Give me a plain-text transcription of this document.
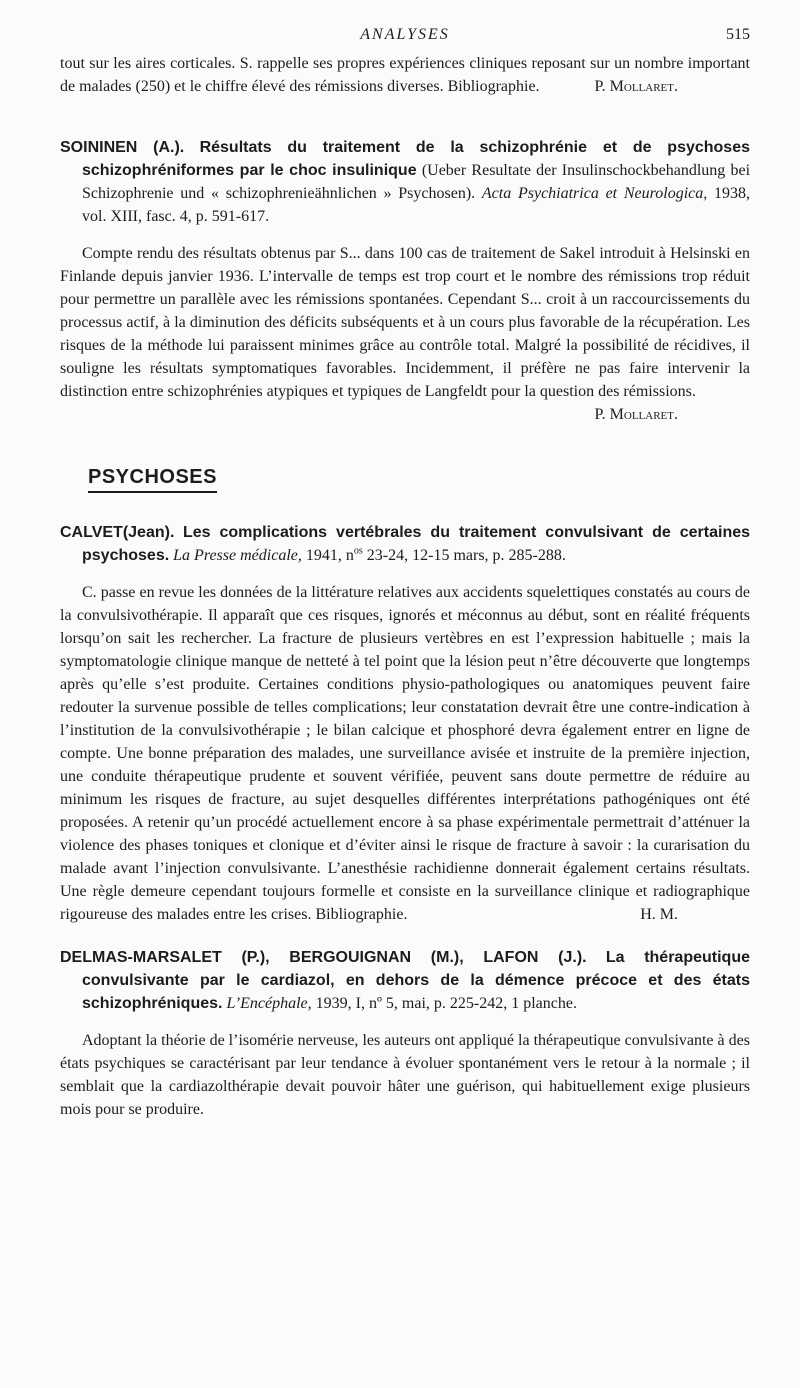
ANALYSES	515

tout sur les aires corticales. S. rappelle ses propres expériences cliniques reposant sur un nombre important de malades (250) et le chiffre élevé des rémissions diverses. Bibliographie.	P. Mollaret.

SOININEN (A.). Résultats du traitement de la schizophrénie et de psychoses schizophréniformes par le choc insulinique (Ueber Resultate der Insulinschockbehandlung bei Schizophrenie und « schizophrenieähnlichen » Psychosen). Acta Psychiatrica et Neurologica, 1938, vol. XIII, fasc. 4, p. 591-617.

Compte rendu des résultats obtenus par S... dans 100 cas de traitement de Sakel introduit à Helsinski en Finlande depuis janvier 1936. L’intervalle de temps est trop court et le nombre des rémissions trop réduit pour permettre un parallèle avec les rémissions spontanées. Cependant S... croit à un raccourcissements du processus actif, à la diminution des déficits subséquents et à un cours plus favorable de la récupération. Les risques de la méthode lui paraissent minimes grâce au contrôle total. Malgré la possibilité de récidives, il souligne les résultats symptomatiques favorables. Incidemment, il préfère ne pas faire intervenir la distinction entre schizophrénies atypiques et typiques de Langfeldt pour la question des rémissions.

P. Mollaret.

PSYCHOSES
CALVET(Jean). Les complications vertébrales du traitement convulsivant de certaines psychoses. La Presse médicale, 1941, $n^{os}$ 23-24, 12-15 mars, p. 285-288.

C. passe en revue les données de la littérature relatives aux accidents squelettiques constatés au cours de la convulsivothérapie. Il apparaît que ces risques, ignorés et méconnus au début, sont en réalité fréquents lorsqu’on sait les rechercher. La fracture de plusieurs vertèbres en est l’expression habituelle ; mais la symptomatologie clinique manque de netteté à tel point que la lésion peut n’être découverte que longtemps après qu’elle s’est produite. Certaines conditions physio-pathologiques ou anatomiques peuvent faire redouter la survenue possible de telles complications; leur constatation devrait être une contre-indication à l’institution de la convulsivothérapie ; le bilan calcique et phosphoré devra également entrer en ligne de compte. Une bonne préparation des malades, une surveillance avisée et instruite de la première injection, une conduite thérapeutique prudente et souvent vérifiée, peuvent sans doute permettre de réduire au minimum les risques de fracture, au sujet desquelles différentes interprétations pathogéniques ont été proposées. A retenir qu’un procédé actuellement encore à sa phase expérimentale permettrait d’atténuer la violence des phases toniques et clonique et d’éviter ainsi le risque de fracture à savoir : la curarisation du malade avant l’injection convulsivante. L’anesthésie rachidienne donnerait également certains résultats. Une règle demeure cependant toujours formelle et consiste en la surveillance clinique et radiographique rigoureuse des malades entre les crises. Bibliographie.	H. M.

DELMAS-MARSALET (P.), BERGOUIGNAN (M.), LAFON (J.). La thérapeutique convulsivante par le cardiazol, en dehors de la démence précoce et des états schizophréniques. L’Encéphale, 1939, I, nº 5, mai, p. 225-242, 1 planche.

Adoptant la théorie de l’isomérie nerveuse, les auteurs ont appliqué la thérapeutique convulsivante à des états psychiques se caractérisant par leur tendance à évoluer spontanément vers le retour à la normale ; il semblait que la cardiazolthérapie devait pouvoir hâter une guérison, qui habituellement exige plusieurs mois pour se produire.
